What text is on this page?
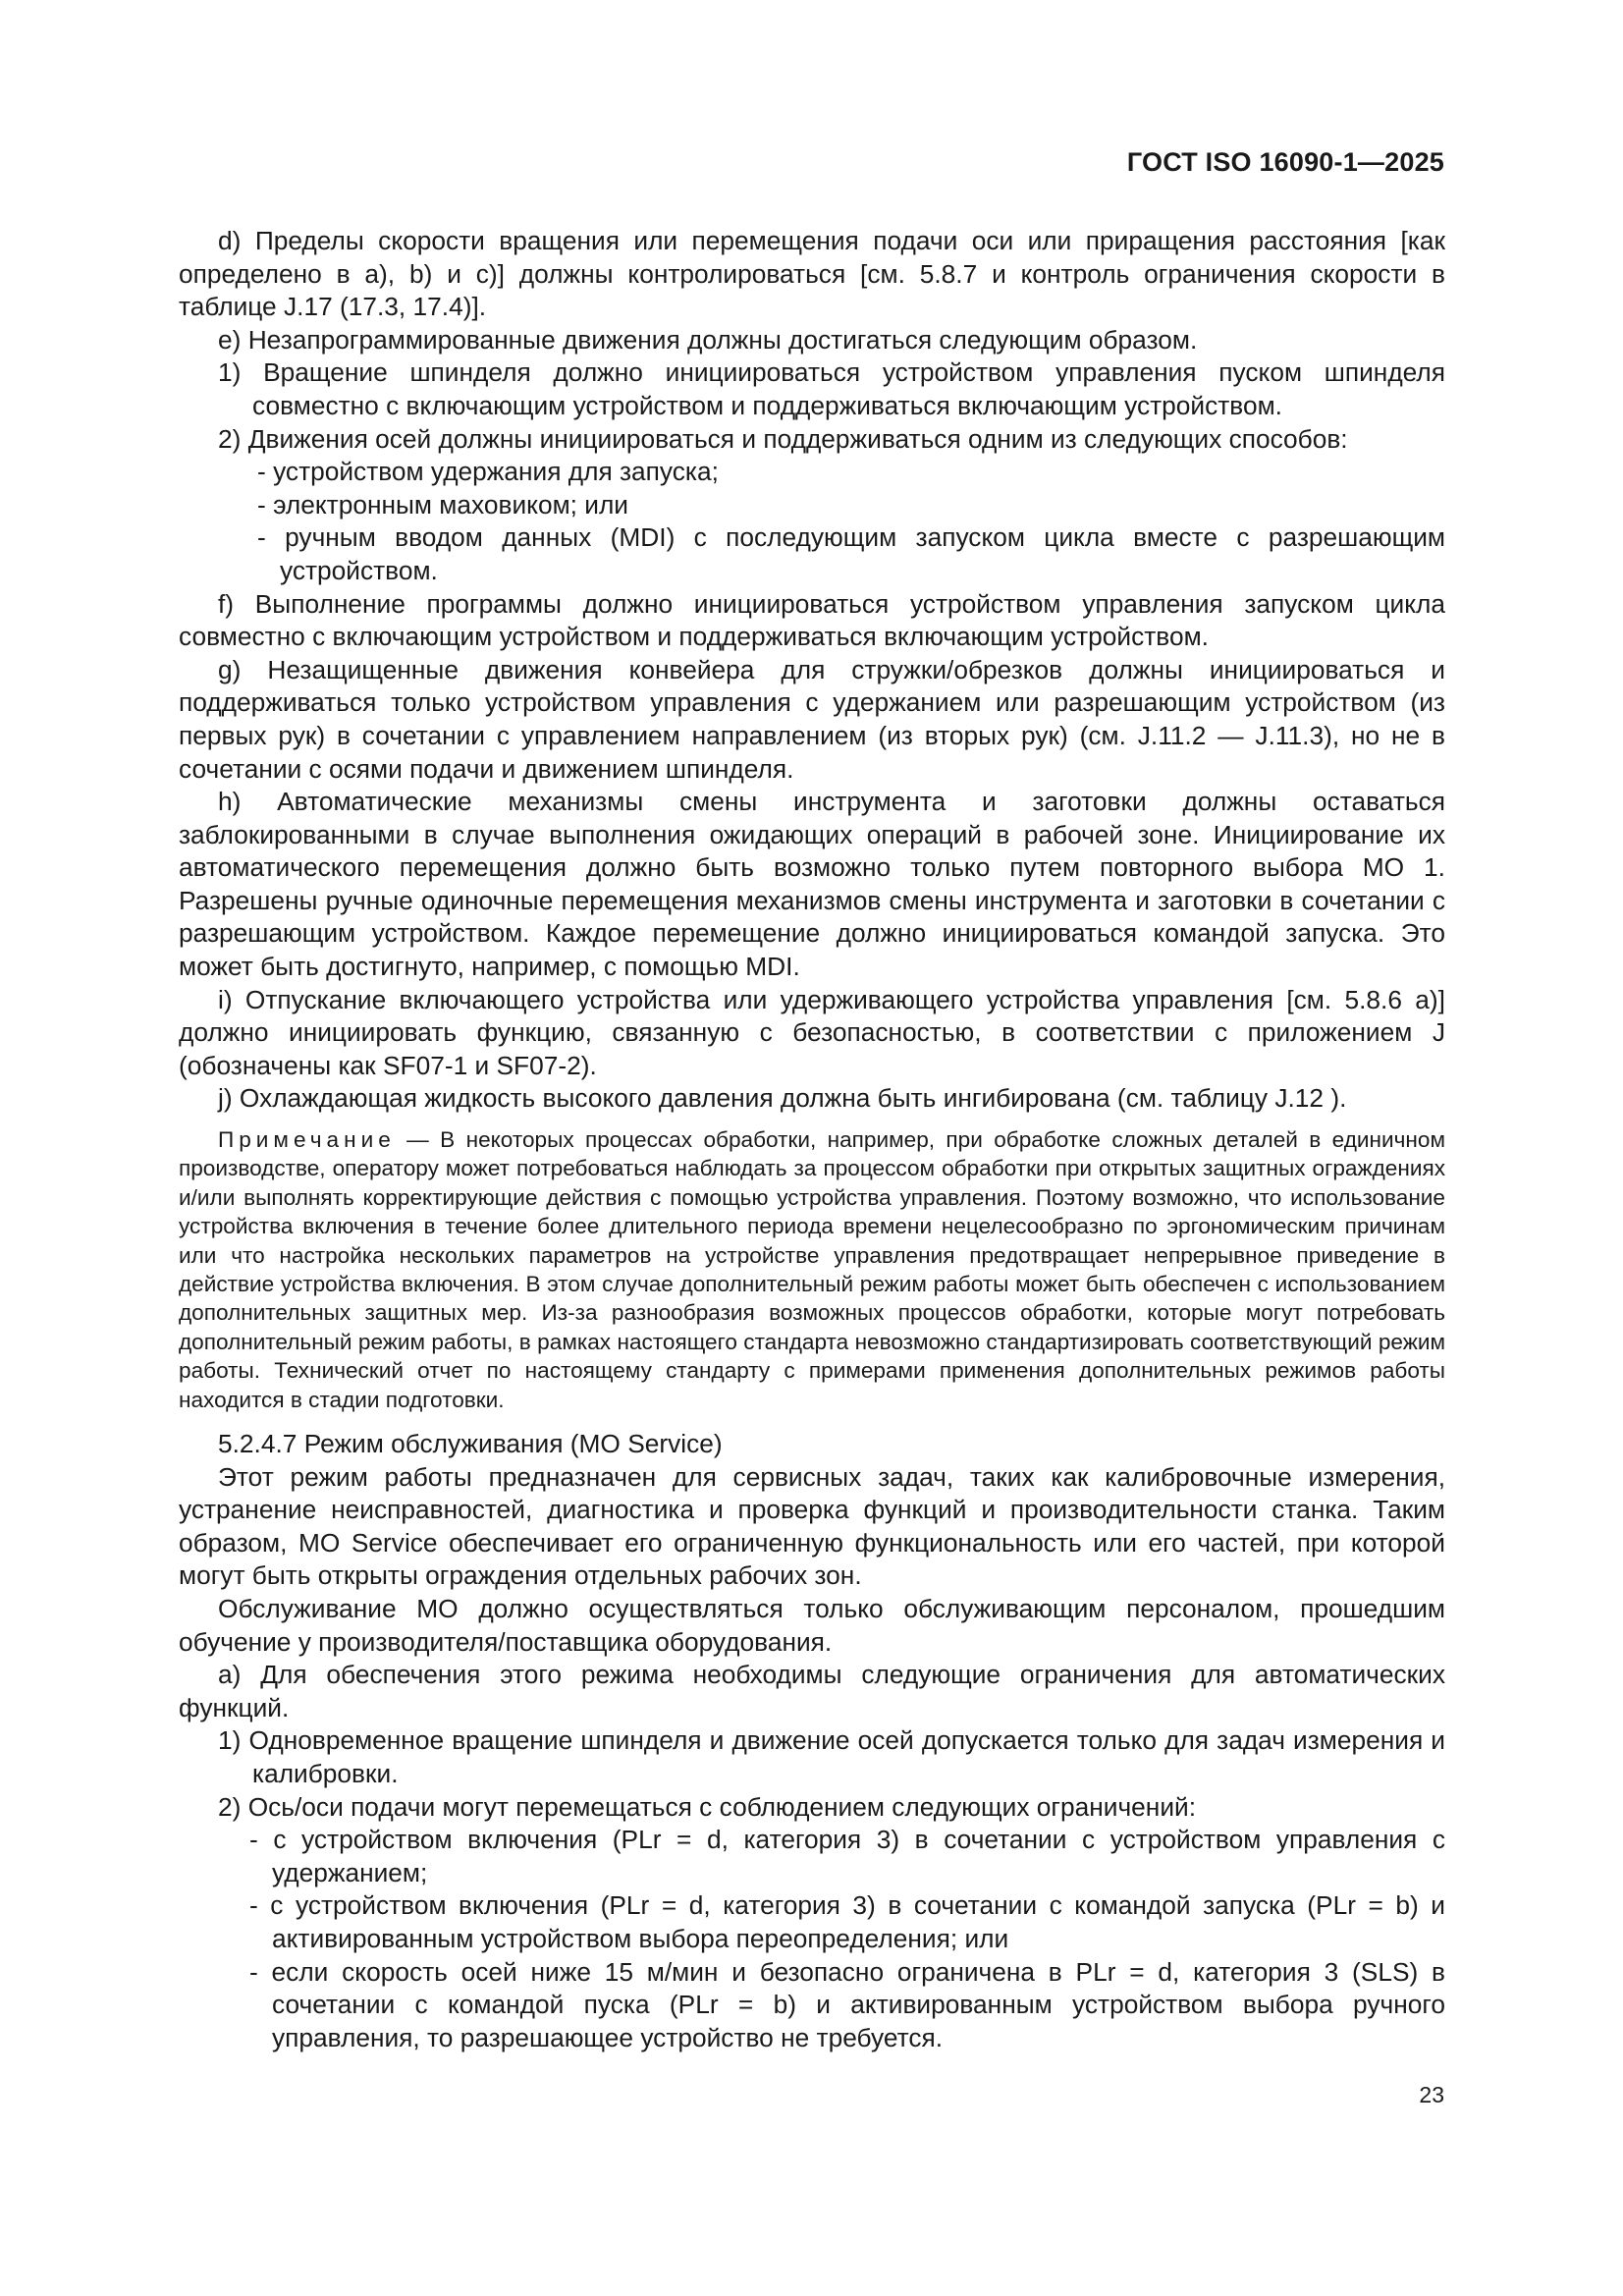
ГОСТ ISO 16090-1—2025

d) Пределы скорости вращения или перемещения подачи оси или приращения расстояния [как определено в a), b) и c)] должны контролироваться [см. 5.8.7 и контроль ограничения скорости в таблице J.17 (17.3, 17.4)].

e) Незапрограммированные движения должны достигаться следующим образом.

1) Вращение шпинделя должно инициироваться устройством управления пуском шпинделя совместно с включающим устройством и поддерживаться включающим устройством.

2) Движения осей должны инициироваться и поддерживаться одним из следующих способов:

- устройством удержания для запуска;

- электронным маховиком; или

- ручным вводом данных (MDI) с последующим запуском цикла вместе с разрешающим устройством.

f) Выполнение программы должно инициироваться устройством управления запуском цикла совместно с включающим устройством и поддерживаться включающим устройством.

g) Незащищенные движения конвейера для стружки/обрезков должны инициироваться и поддерживаться только устройством управления с удержанием или разрешающим устройством (из первых рук) в сочетании с управлением направлением (из вторых рук) (см. J.11.2 — J.11.3), но не в сочетании с осями подачи и движением шпинделя.

h) Автоматические механизмы смены инструмента и заготовки должны оставаться заблокированными в случае выполнения ожидающих операций в рабочей зоне. Инициирование их автоматического перемещения должно быть возможно только путем повторного выбора МО 1. Разрешены ручные одиночные перемещения механизмов смены инструмента и заготовки в сочетании с разрешающим устройством. Каждое перемещение должно инициироваться командой запуска. Это может быть достигнуто, например, с помощью MDI.

i) Отпускание включающего устройства или удерживающего устройства управления [см. 5.8.6 a)] должно инициировать функцию, связанную с безопасностью, в соответствии с приложением J (обозначены как SF07-1 и SF07-2).

j) Охлаждающая жидкость высокого давления должна быть ингибирована (см. таблицу J.12 ).

Примечание — В некоторых процессах обработки, например, при обработке сложных деталей в единичном производстве, оператору может потребоваться наблюдать за процессом обработки при открытых защитных ограждениях и/или выполнять корректирующие действия с помощью устройства управления. Поэтому возможно, что использование устройства включения в течение более длительного периода времени нецелесообразно по эргономическим причинам или что настройка нескольких параметров на устройстве управления предотвращает непрерывное приведение в действие устройства включения. В этом случае дополнительный режим работы может быть обеспечен с использованием дополнительных защитных мер. Из-за разнообразия возможных процессов обработки, которые могут потребовать дополнительный режим работы, в рамках настоящего стандарта невозможно стандартизировать соответствующий режим работы. Технический отчет по настоящему стандарту с примерами применения дополнительных режимов работы находится в стадии подготовки.

5.2.4.7 Режим обслуживания (MO Service)

Этот режим работы предназначен для сервисных задач, таких как калибровочные измерения, устранение неисправностей, диагностика и проверка функций и производительности станка. Таким образом, MO Service обеспечивает его ограниченную функциональность или его частей, при которой могут быть открыты ограждения отдельных рабочих зон.

Обслуживание МО должно осуществляться только обслуживающим персоналом, прошедшим обучение у производителя/поставщика оборудования.

a) Для обеспечения этого режима необходимы следующие ограничения для автоматических функций.

1) Одновременное вращение шпинделя и движение осей допускается только для задач измерения и калибровки.

2) Ось/оси подачи могут перемещаться с соблюдением следующих ограничений:

- с устройством включения (PLr = d, категория 3) в сочетании с устройством управления с удержанием;

- с устройством включения (PLr = d, категория 3) в сочетании с командой запуска (PLr = b) и активированным устройством выбора переопределения; или

- если скорость осей ниже 15 м/мин и безопасно ограничена в PLr = d, категория 3 (SLS) в сочетании с командой пуска (PLr = b) и активированным устройством выбора ручного управления, то разрешающее устройство не требуется.

23
